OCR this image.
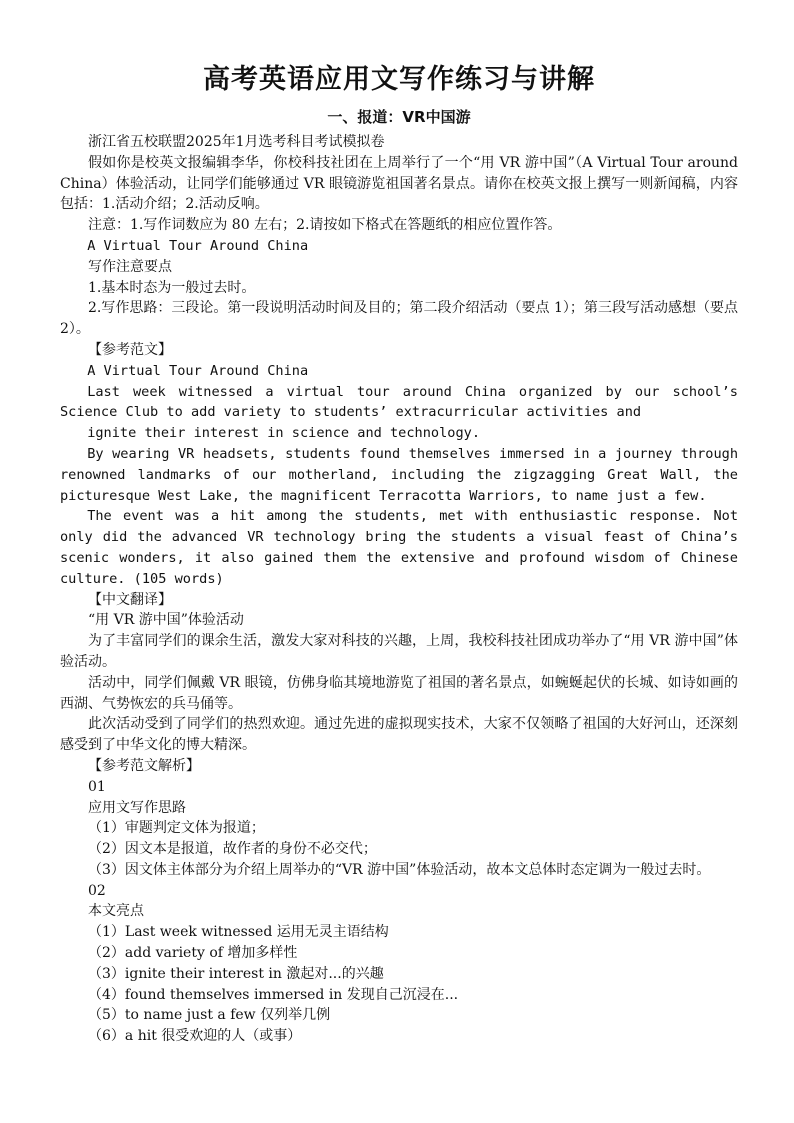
高考英语应用文写作练习与讲解
一、报道：VR中国游

浙江省五校联盟2025年1月选考科目考试模拟卷

假如你是校英文报编辑李华，你校科技社团在上周举行了一个“用 VR 游中国”（A Virtual Tour around China）体验活动，让同学们能够通过 VR 眼镜游览祖国著名景点。请你在校英文报上撰写一则新闻稿，内容包括：1.活动介绍；2.活动反响。

注意：1.写作词数应为 80 左右；2.请按如下格式在答题纸的相应位置作答。

A Virtual Tour Around China

写作注意要点

1.基本时态为一般过去时。

2.写作思路：三段论。第一段说明活动时间及目的；第二段介绍活动（要点 1）；第三段写活动感想（要点 2）。

【参考范文】

A Virtual Tour Around China

Last week witnessed a virtual tour around China organized by our school’s Science Club to add variety to students’ extracurricular activities and

ignite their interest in science and technology.

By wearing VR headsets, students found themselves immersed in a journey through renowned landmarks of our motherland, including the zigzagging Great Wall, the picturesque West Lake, the magnificent Terracotta Warriors, to name just a few.

The event was a hit among the students, met with enthusiastic response. Not only did the advanced VR technology bring the students a visual feast of China’s scenic wonders, it also gained them the extensive and profound wisdom of Chinese culture. (105 words)

【中文翻译】

“用 VR 游中国”体验活动

为了丰富同学们的课余生活，激发大家对科技的兴趣，上周，我校科技社团成功举办了“用 VR 游中国”体验活动。

活动中，同学们佩戴 VR 眼镜，仿佛身临其境地游览了祖国的著名景点，如蜿蜒起伏的长城、如诗如画的西湖、气势恢宏的兵马俑等。

此次活动受到了同学们的热烈欢迎。通过先进的虚拟现实技术，大家不仅领略了祖国的大好河山，还深刻感受到了中华文化的博大精深。

【参考范文解析】

01

应用文写作思路

（1）审题判定文体为报道；

（2）因文本是报道，故作者的身份不必交代；

（3）因文体主体部分为介绍上周举办的“VR 游中国”体验活动，故本文总体时态定调为一般过去时。

02

本文亮点

（1）Last week witnessed 运用无灵主语结构

（2）add variety of 增加多样性

（3）ignite their interest in 激起对...的兴趣

（4）found themselves immersed in 发现自己沉浸在...

（5）to name just a few 仅列举几例

（6）a hit 很受欢迎的人（或事）
